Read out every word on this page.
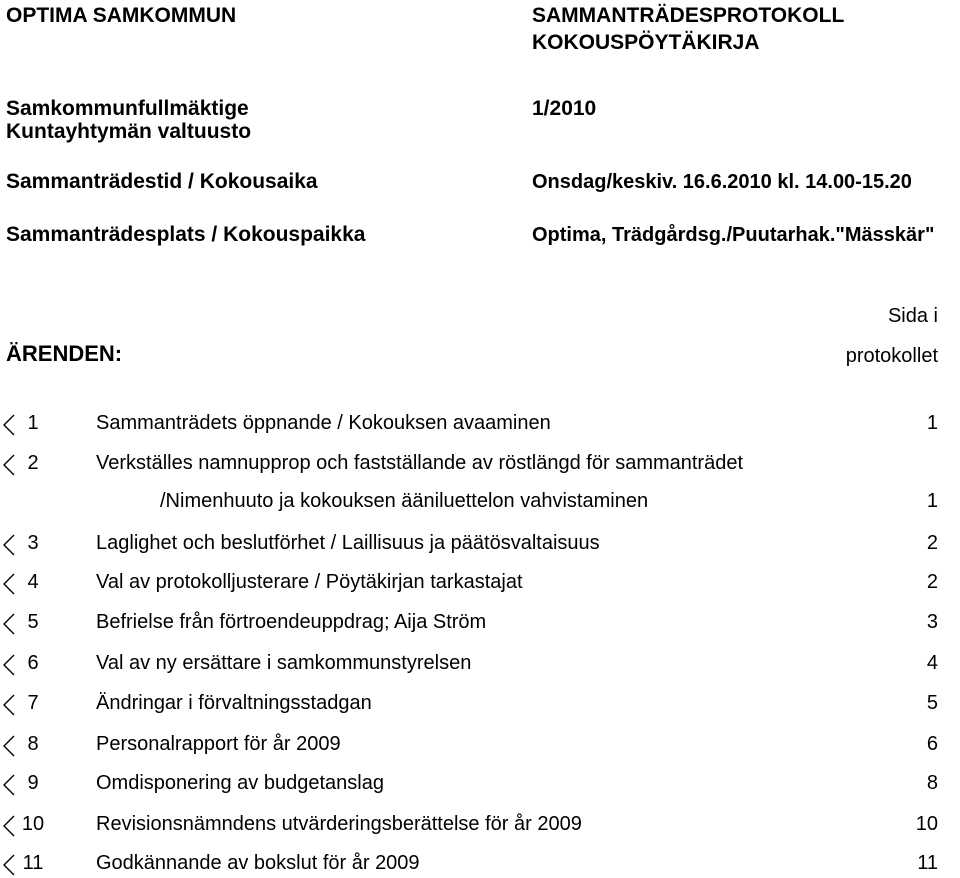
OPTIMA SAMKOMMUN	SAMMANTRÄDESPROTOKOLL
KOKOUSPÖYTÄKIRJA
Samkommunfullmäktige
Kuntayhtymän valtuusto
1/2010
Sammanträdestid / Kokousaika	Onsdag/keskiv. 16.6.2010 kl. 14.00-15.20
Sammanträdesplats / Kokouspaikka	Optima, Trädgårdsg./Puutarhak."Mässkär"
ÄRENDEN:
Sida i
protokollet
1	Sammanträdets öppnande / Kokouksen avaaminen	1
2	Verkställes namnupprop och fastställande av röstlängd för sammanträdet
/Nimenhuuto ja kokouksen ääniluettelon vahvistaminen	1
3	Laglighet och beslutförhet / Laillisuus ja päätösvaltaisuus	2
4	Val av protokolljusterare / Pöytäkirjan tarkastajat	2
5	Befrielse från förtroendeuppdrag; Aija Ström	3
6	Val av ny ersättare i samkommunstyrelsen	4
7	Ändringar i förvaltningsstadgan	5
8	Personalrapport för år 2009	6
9	Omdisponering av budgetanslag	8
10	Revisionsnämndens utvärderingsberättelse för år 2009	10
11	Godkännande av bokslut för år 2009	11
